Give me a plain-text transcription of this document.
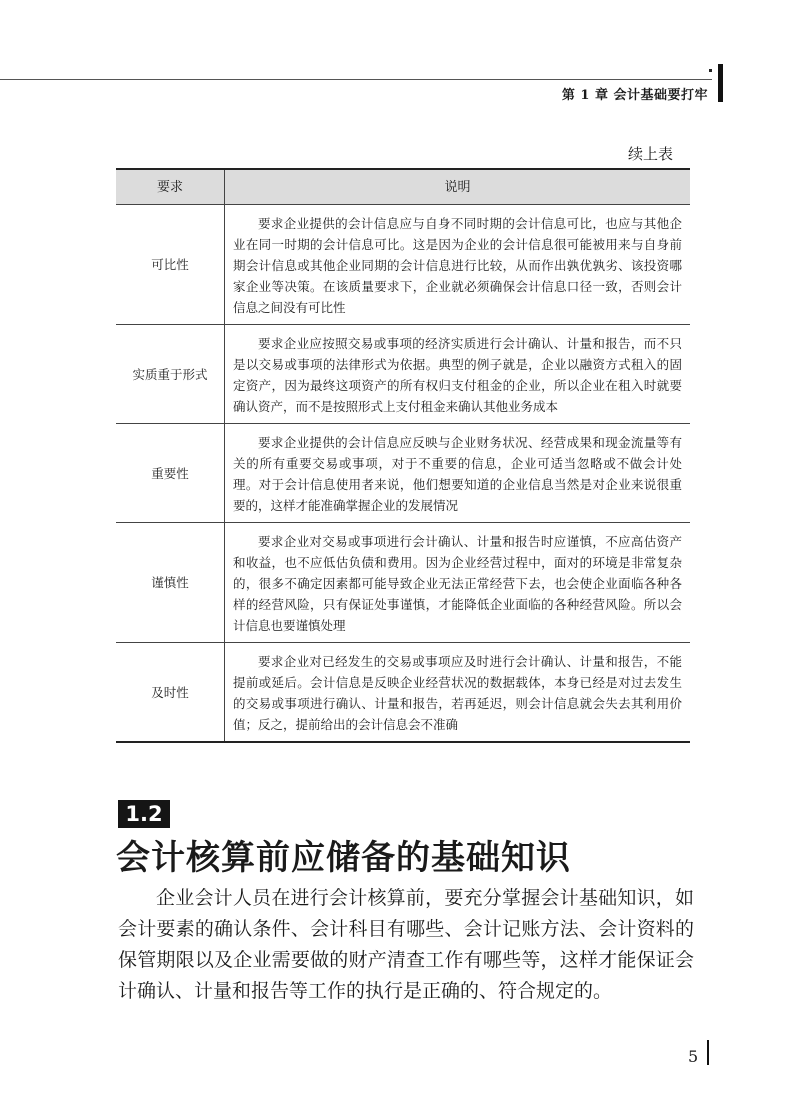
第 1 章 会计基础要打牢
续上表
要求	说明
可比性	要求企业提供的会计信息应与自身不同时期的会计信息可比，也应与其他企业在同一时期的会计信息可比。这是因为企业的会计信息很可能被用来与自身前期会计信息或其他企业同期的会计信息进行比较，从而作出孰优孰劣、该投资哪家企业等决策。在该质量要求下，企业就必须确保会计信息口径一致，否则会计信息之间没有可比性
实质重于形式	要求企业应按照交易或事项的经济实质进行会计确认、计量和报告，而不只是以交易或事项的法律形式为依据。典型的例子就是，企业以融资方式租入的固定资产，因为最终这项资产的所有权归支付租金的企业，所以企业在租入时就要确认资产，而不是按照形式上支付租金来确认其他业务成本
重要性	要求企业提供的会计信息应反映与企业财务状况、经营成果和现金流量等有关的所有重要交易或事项，对于不重要的信息，企业可适当忽略或不做会计处理。对于会计信息使用者来说，他们想要知道的企业信息当然是对企业来说很重要的，这样才能准确掌握企业的发展情况
谨慎性	要求企业对交易或事项进行会计确认、计量和报告时应谨慎，不应高估资产和收益，也不应低估负债和费用。因为企业经营过程中，面对的环境是非常复杂的，很多不确定因素都可能导致企业无法正常经营下去，也会使企业面临各种各样的经营风险，只有保证处事谨慎，才能降低企业面临的各种经营风险。所以会计信息也要谨慎处理
及时性	要求企业对已经发生的交易或事项应及时进行会计确认、计量和报告，不能提前或延后。会计信息是反映企业经营状况的数据载体，本身已经是对过去发生的交易或事项进行确认、计量和报告，若再延迟，则会计信息就会失去其利用价值；反之，提前给出的会计信息会不准确
1.2
会计核算前应储备的基础知识

企业会计人员在进行会计核算前，要充分掌握会计基础知识，如会计要素的确认条件、会计科目有哪些、会计记账方法、会计资料的保管期限以及企业需要做的财产清查工作有哪些等，这样才能保证会计确认、计量和报告等工作的执行是正确的、符合规定的。

5
